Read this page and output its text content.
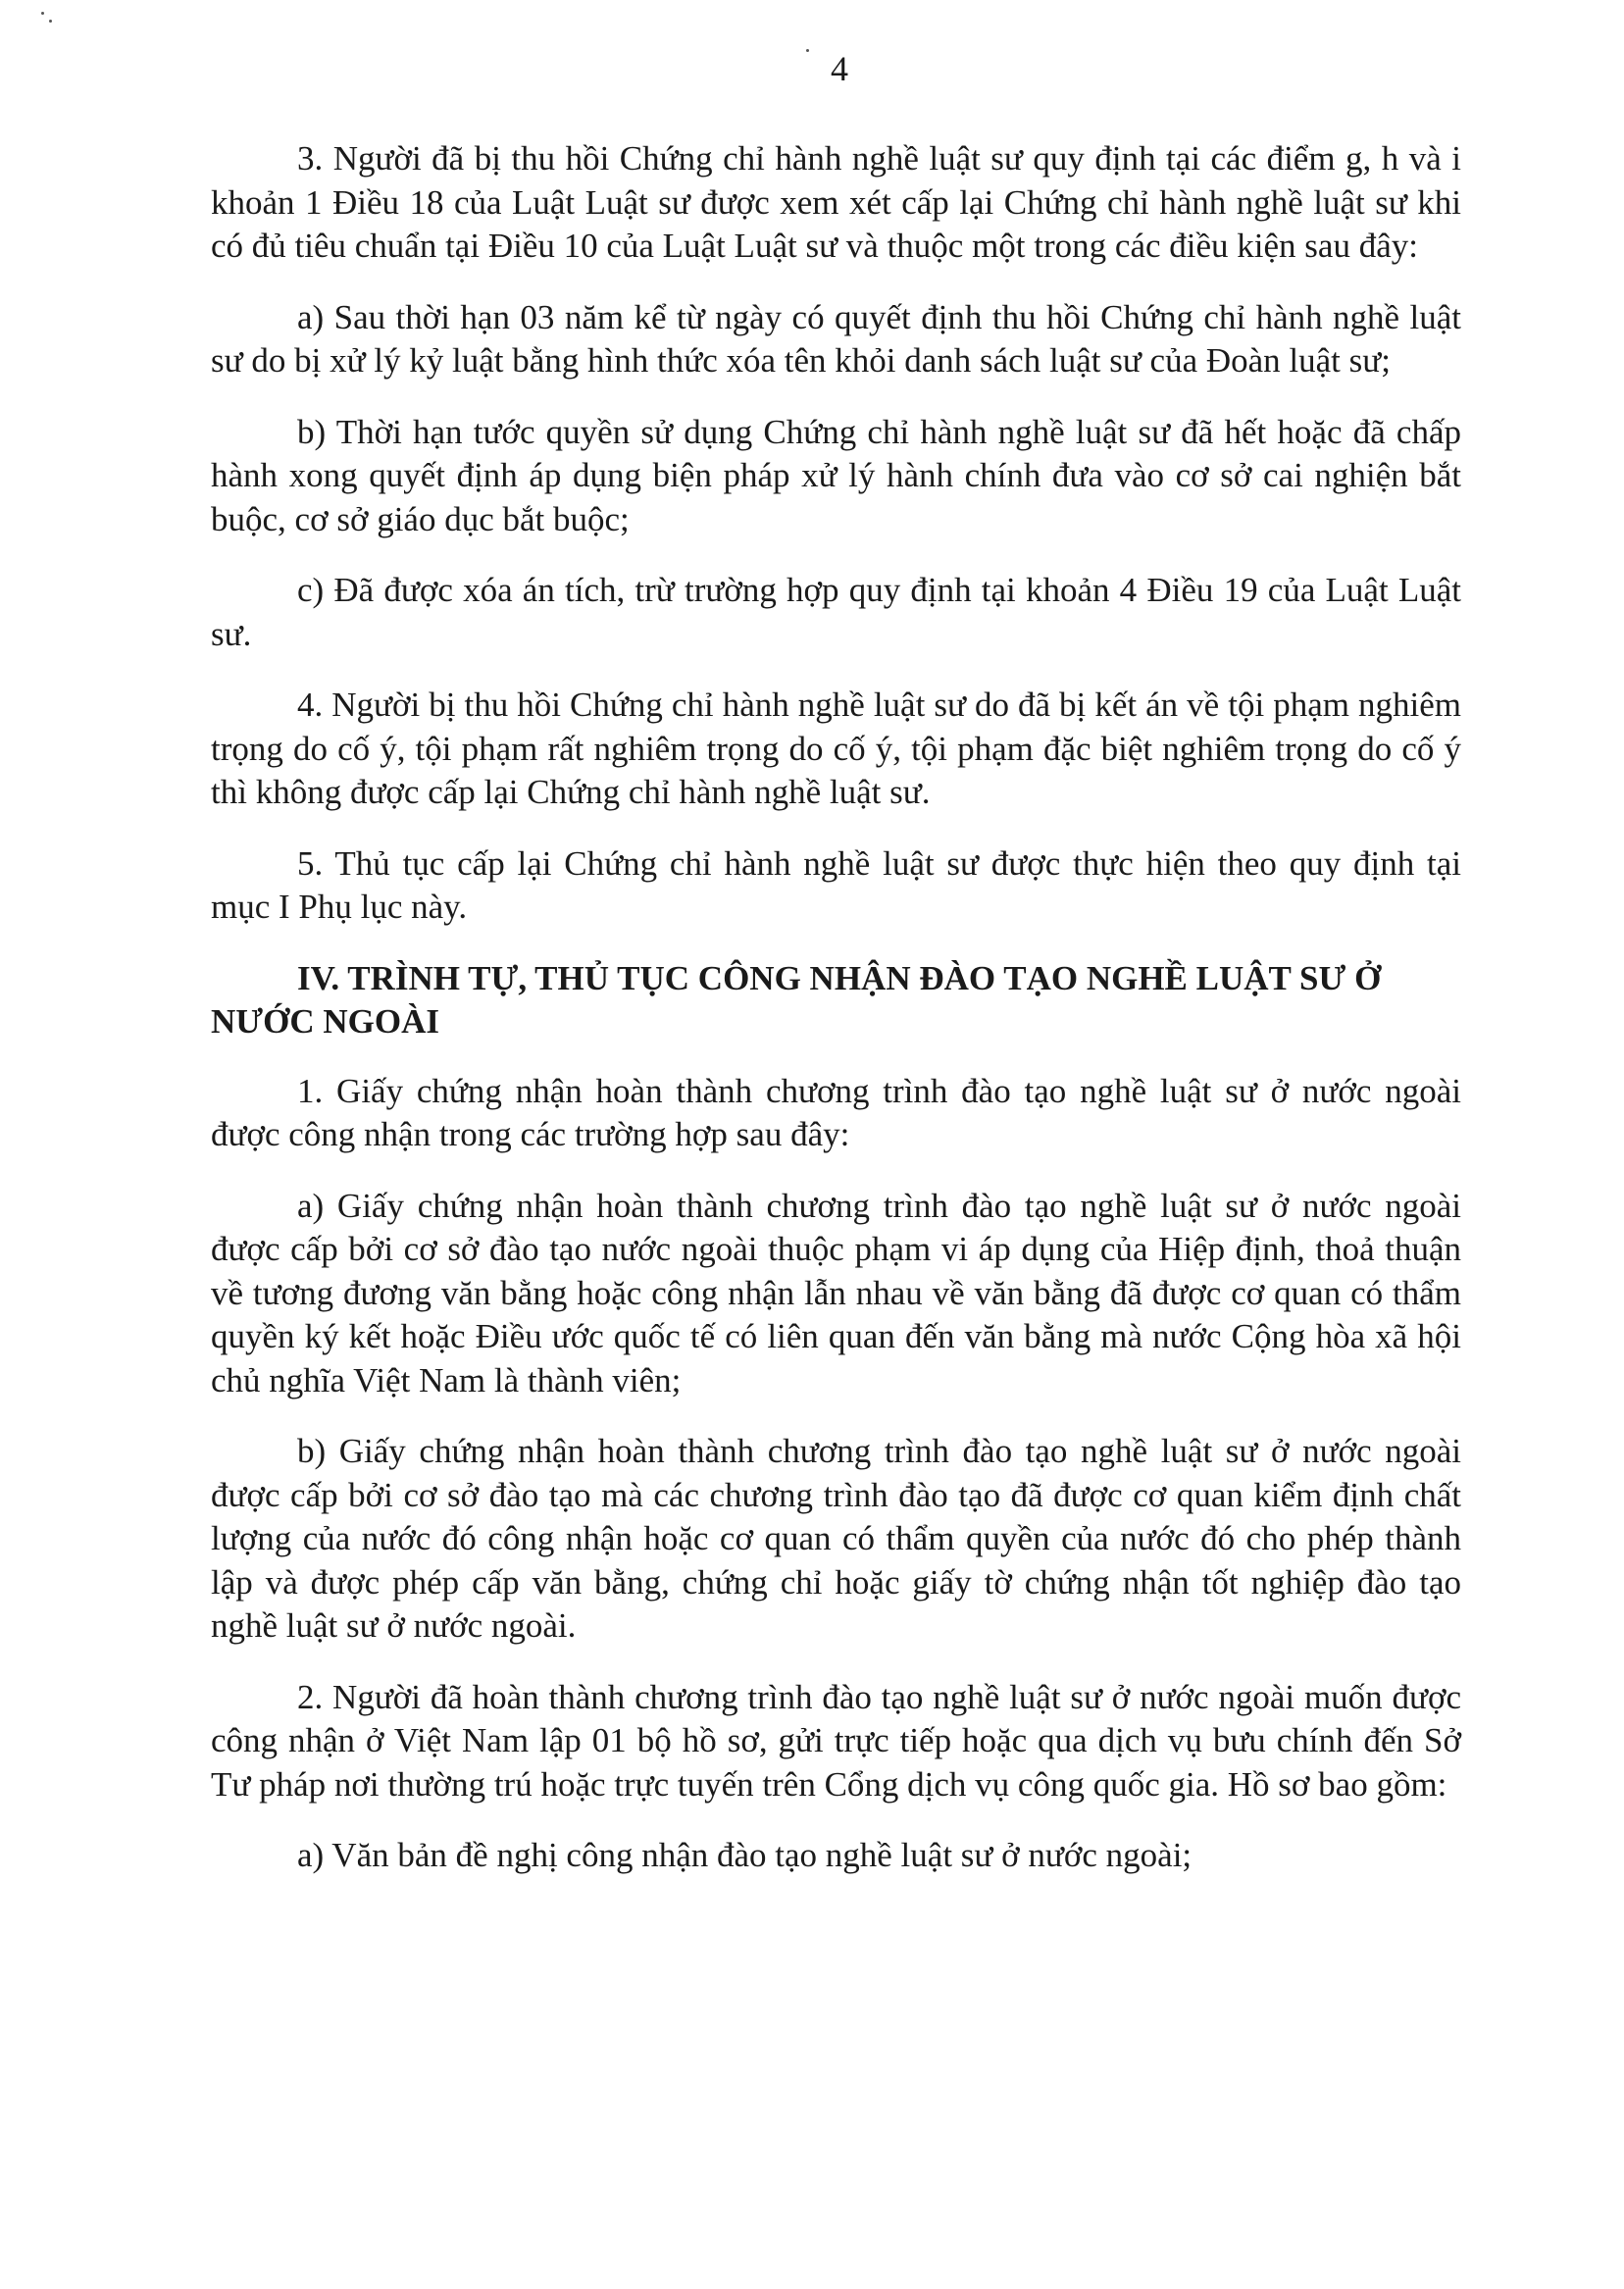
4

3. Người đã bị thu hồi Chứng chỉ hành nghề luật sư quy định tại các điểm g, h và i khoản 1 Điều 18 của Luật Luật sư được xem xét cấp lại Chứng chỉ hành nghề luật sư khi có đủ tiêu chuẩn tại Điều 10 của Luật Luật sư và thuộc một trong các điều kiện sau đây:

a) Sau thời hạn 03 năm kể từ ngày có quyết định thu hồi Chứng chỉ hành nghề luật sư do bị xử lý kỷ luật bằng hình thức xóa tên khỏi danh sách luật sư của Đoàn luật sư;

b) Thời hạn tước quyền sử dụng Chứng chỉ hành nghề luật sư đã hết hoặc đã chấp hành xong quyết định áp dụng biện pháp xử lý hành chính đưa vào cơ sở cai nghiện bắt buộc, cơ sở giáo dục bắt buộc;

c) Đã được xóa án tích, trừ trường hợp quy định tại khoản 4 Điều 19 của Luật Luật sư.

4. Người bị thu hồi Chứng chỉ hành nghề luật sư do đã bị kết án về tội phạm nghiêm trọng do cố ý, tội phạm rất nghiêm trọng do cố ý, tội phạm đặc biệt nghiêm trọng do cố ý thì không được cấp lại Chứng chỉ hành nghề luật sư.

5. Thủ tục cấp lại Chứng chỉ hành nghề luật sư được thực hiện theo quy định tại mục I Phụ lục này.

IV. TRÌNH TỰ, THỦ TỤC CÔNG NHẬN ĐÀO TẠO NGHỀ LUẬT SƯ Ở NƯỚC NGOÀI

1. Giấy chứng nhận hoàn thành chương trình đào tạo nghề luật sư ở nước ngoài được công nhận trong các trường hợp sau đây:

a) Giấy chứng nhận hoàn thành chương trình đào tạo nghề luật sư ở nước ngoài được cấp bởi cơ sở đào tạo nước ngoài thuộc phạm vi áp dụng của Hiệp định, thoả thuận về tương đương văn bằng hoặc công nhận lẫn nhau về văn bằng đã được cơ quan có thẩm quyền ký kết hoặc Điều ước quốc tế có liên quan đến văn bằng mà nước Cộng hòa xã hội chủ nghĩa Việt Nam là thành viên;

b) Giấy chứng nhận hoàn thành chương trình đào tạo nghề luật sư ở nước ngoài được cấp bởi cơ sở đào tạo mà các chương trình đào tạo đã được cơ quan kiểm định chất lượng của nước đó công nhận hoặc cơ quan có thẩm quyền của nước đó cho phép thành lập và được phép cấp văn bằng, chứng chỉ hoặc giấy tờ chứng nhận tốt nghiệp đào tạo nghề luật sư ở nước ngoài.

2. Người đã hoàn thành chương trình đào tạo nghề luật sư ở nước ngoài muốn được công nhận ở Việt Nam lập 01 bộ hồ sơ, gửi trực tiếp hoặc qua dịch vụ bưu chính đến Sở Tư pháp nơi thường trú hoặc trực tuyến trên Cổng dịch vụ công quốc gia. Hồ sơ bao gồm:

a) Văn bản đề nghị công nhận đào tạo nghề luật sư ở nước ngoài;
